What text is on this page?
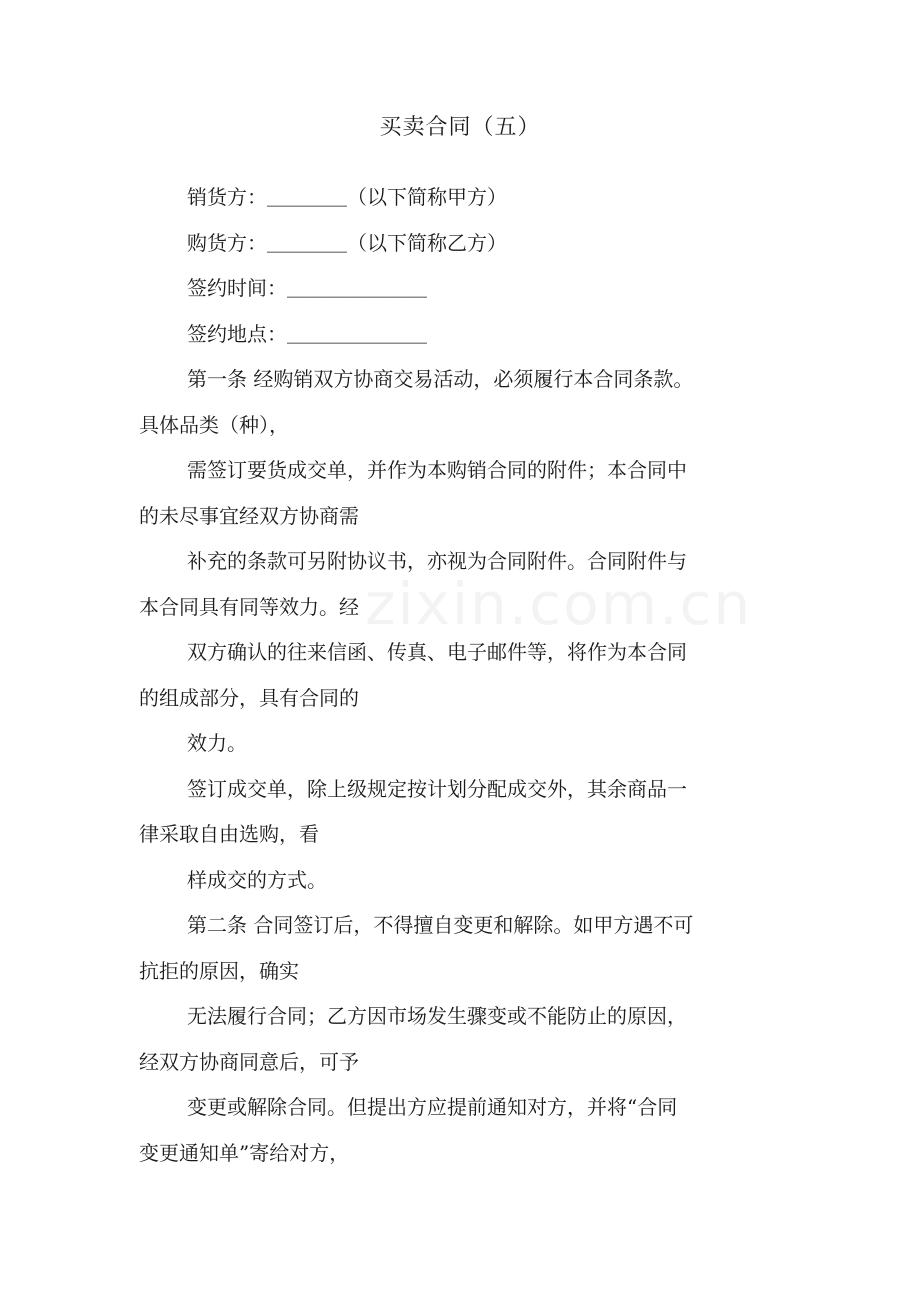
zixin.com.cn
买卖合同（五）
销货方：＿＿＿＿（以下简称甲方）
购货方：＿＿＿＿（以下简称乙方）
签约时间：＿＿＿＿＿＿＿
签约地点：＿＿＿＿＿＿＿
第一条 经购销双方协商交易活动，必须履行本合同条款。
具体品类（种），
需签订要货成交单，并作为本购销合同的附件；本合同中
的未尽事宜经双方协商需
补充的条款可另附协议书，亦视为合同附件。合同附件与
本合同具有同等效力。经
双方确认的往来信函、传真、电子邮件等，将作为本合同
的组成部分，具有合同的
效力。
签订成交单，除上级规定按计划分配成交外，其余商品一
律采取自由选购，看
样成交的方式。
第二条 合同签订后，不得擅自变更和解除。如甲方遇不可
抗拒的原因，确实
无法履行合同；乙方因市场发生骤变或不能防止的原因，
经双方协商同意后，可予
变更或解除合同。但提出方应提前通知对方，并将“合同
变更通知单”寄给对方，
